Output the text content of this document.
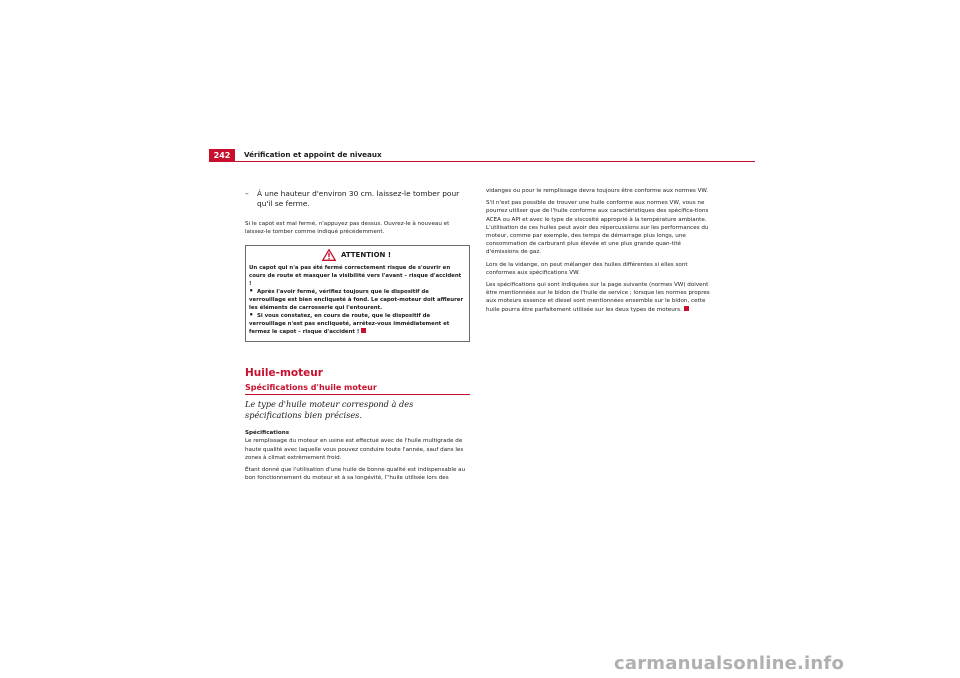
242	Vérification et appoint de niveaux
–	À une hauteur d'environ 30 cm. laissez-le tomber pour qu'il se ferme.

Si le capot est mal fermé, n'appuyez pas dessus. Ouvrez-le à nouveau et laissez-le tomber comme indiqué précédemment.

ATTENTION !

Un capot qui n'a pas été fermé correctement risque de s'ouvrir en cours de route et masquer la visibilité vers l'avant – risque d'accident !

• Après l'avoir fermé, vérifiez toujours que le dispositif de verrouillage est bien encliqueté à fond. Le capot-moteur doit affleurer les éléments de carrosserie qui l'entourent.

• Si vous constatez, en cours de route, que le dispositif de verrouillage n'est pas encliqueté, arrêtez-vous immédiatement et fermez le capot – risque d'accident !

Huile-moteur
Spécifications d'huile moteur
Le type d'huile moteur correspond à des spécifications bien précises.
Spécifications

Le remplissage du moteur en usine est effectué avec de l'huile multigrade de haute qualité avec laquelle vous pouvez conduire toute l'année, sauf dans les zones à climat extrêmement froid.

Étant donné que l'utilisation d'une huile de bonne qualité est indispensable au bon fonctionnement du moteur et à sa longévité, l''huile utilisée lors des

vidanges ou pour le remplissage devra toujours être conforme aux normes VW.

S'il n'est pas possible de trouver une huile conforme aux normes VW, vous ne pourrez utiliser que de l'huile conforme aux caractéristiques des spécifica-tions ACEA ou API et avec le type de viscosité approprié à la température ambiante. L'utilisation de ces huiles peut avoir des répercussions sur les performances du moteur, comme par exemple, des temps de démarrage plus longs, une consommation de carburant plus élevée et une plus grande quan-tité d'émissions de gaz.

Lors de la vidange, on peut mélanger des huiles différentes si elles sont conformes aux spécifications VW.

Les spécifications qui sont indiquées sur la page suivante (normes VW) doivent être mentionnées sur le bidon de l'huile de service ; lorsque les normes propres aux moteurs essence et diesel sont mentionnées ensemble sur le bidon, cette huile pourra être parfaitement utilisée sur les deux types de moteurs.

carmanualsonline.info
